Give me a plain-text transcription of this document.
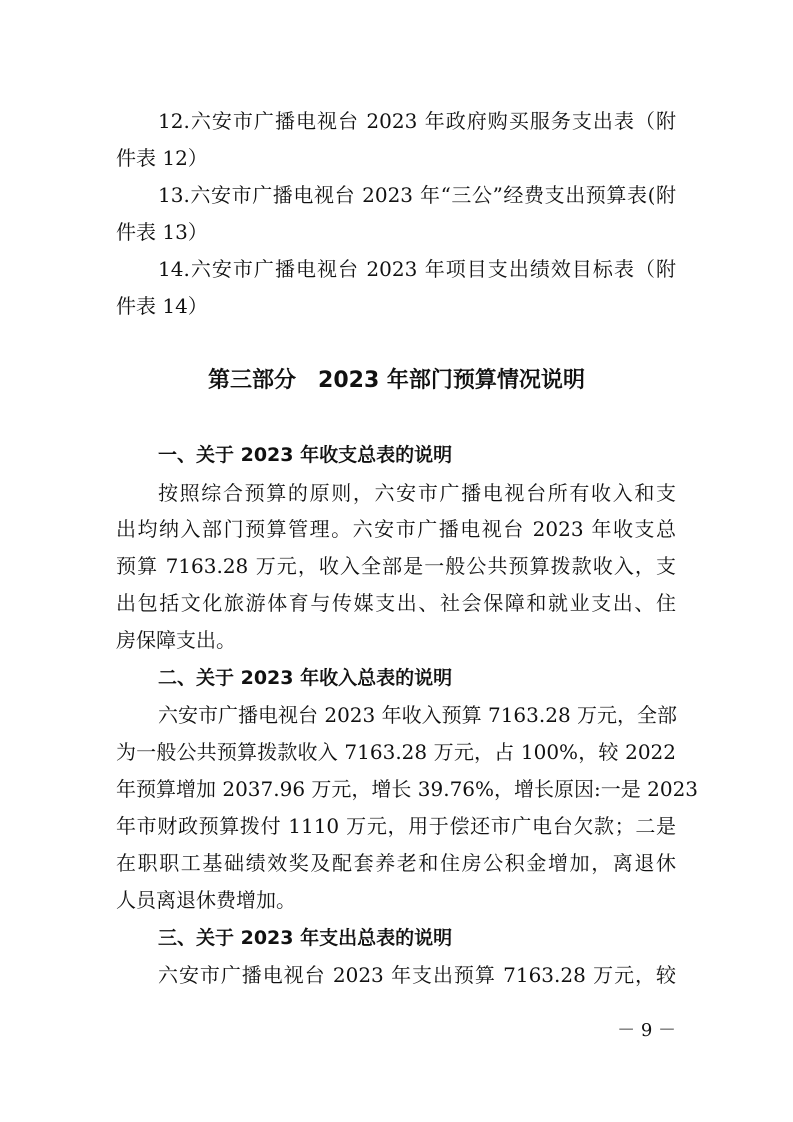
12.六安市广播电视台 2023 年政府购买服务支出表（附
件表 12）
13.六安市广播电视台 2023 年“三公”经费支出预算表(附
件表 13）
14.六安市广播电视台 2023 年项目支出绩效目标表（附
件表 14）
第三部分　2023 年部门预算情况说明
一、关于 2023 年收支总表的说明
按照综合预算的原则，六安市广播电视台所有收入和支
出均纳入部门预算管理。六安市广播电视台 2023 年收支总
预算 7163.28 万元，收入全部是一般公共预算拨款收入，支
出包括文化旅游体育与传媒支出、社会保障和就业支出、住
房保障支出。
二、关于 2023 年收入总表的说明
六安市广播电视台 2023 年收入预算 7163.28 万元，全部
为一般公共预算拨款收入 7163.28 万元，占 100%，较 2022
年预算增加 2037.96 万元，增长 39.76%，增长原因:一是 2023
年市财政预算拨付 1110 万元，用于偿还市广电台欠款；二是
在职职工基础绩效奖及配套养老和住房公积金增加，离退休
人员离退休费增加。
三、关于 2023 年支出总表的说明
六安市广播电视台 2023 年支出预算 7163.28 万元，较
－ 9 －
